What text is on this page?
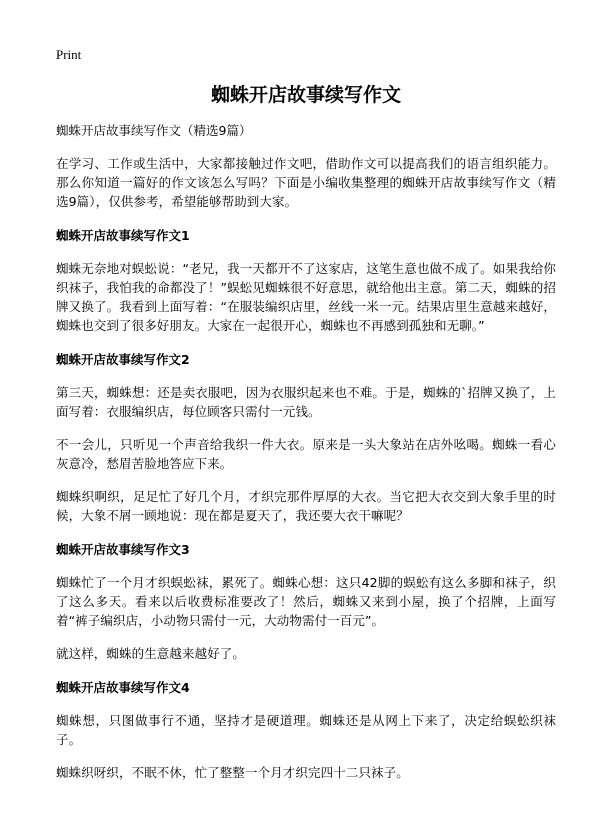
Print
蜘蛛开店故事续写作文

蜘蛛开店故事续写作文（精选9篇）

在学习、工作或生活中，大家都接触过作文吧，借助作文可以提高我们的语言组织能力。那么你知道一篇好的作文该怎么写吗？下面是小编收集整理的蜘蛛开店故事续写作文（精选9篇），仅供参考，希望能够帮助到大家。

蜘蛛开店故事续写作文1

蜘蛛无奈地对蜈蚣说：“老兄，我一天都开不了这家店，这笔生意也做不成了。如果我给你织袜子，我怕我的命都没了！”蜈蚣见蜘蛛很不好意思，就给他出主意。第二天，蜘蛛的招牌又换了。我看到上面写着：“在服装编织店里，丝线一米一元。结果店里生意越来越好，蜘蛛也交到了很多好朋友。大家在一起很开心，蜘蛛也不再感到孤独和无聊。”

蜘蛛开店故事续写作文2

第三天，蜘蛛想：还是卖衣服吧，因为衣服织起来也不难。于是，蜘蛛的`招牌又换了，上面写着：衣服编织店，每位顾客只需付一元钱。

不一会儿，只听见一个声音给我织一件大衣。原来是一头大象站在店外吆喝。蜘蛛一看心灰意冷，愁眉苦脸地答应下来。

蜘蛛织啊织，足足忙了好几个月，才织完那件厚厚的大衣。当它把大衣交到大象手里的时候，大象不屑一顾地说：现在都是夏天了，我还要大衣干嘛呢？

蜘蛛开店故事续写作文3

蜘蛛忙了一个月才织蜈蚣袜，累死了。蜘蛛心想：这只42脚的蜈蚣有这么多脚和袜子，织了这么多天。看来以后收费标准要改了！然后，蜘蛛又来到小屋，换了个招牌，上面写着“裤子编织店，小动物只需付一元，大动物需付一百元”。

就这样，蜘蛛的生意越来越好了。

蜘蛛开店故事续写作文4

蜘蛛想，只图做事行不通，坚持才是硬道理。蜘蛛还是从网上下来了，决定给蜈蚣织袜子。

蜘蛛织呀织，不眠不休，忙了整整一个月才织完四十二只袜子。
